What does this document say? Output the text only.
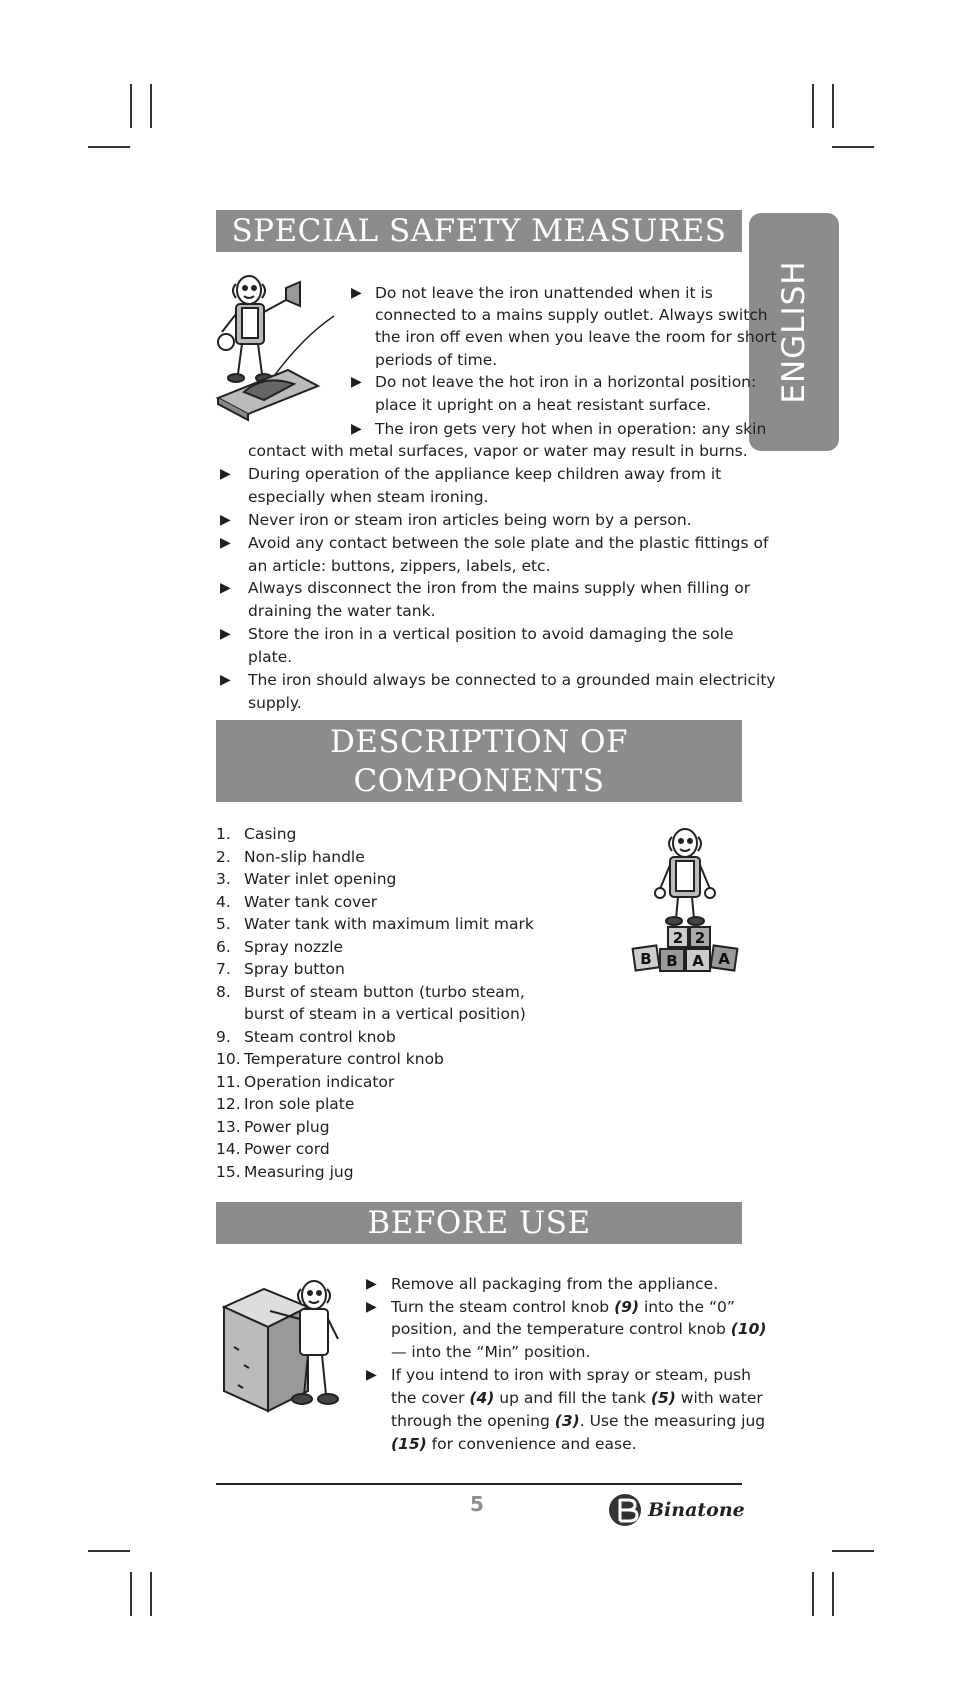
ENGLISH
SPECIAL SAFETY MEASURES
▶
▶
▶
▶
▶
▶
▶
▶
▶
Do not leave the iron unattended when it is
connected to a mains supply outlet. Always switch
the iron off even when you leave the room for short
periods of time.
Do not leave the hot iron in a horizontal position:
place it upright on a heat resistant surface.
The iron gets very hot when in operation: any skin
contact with metal surfaces, vapor or water may result in burns.
During operation of the appliance keep children away from it
especially when steam ironing.
Never iron or steam iron articles being worn by a person.
Avoid any contact between the sole plate and the plastic fittings of
an article: buttons, zippers, labels, etc.
Always disconnect the iron from the mains supply when filling or
draining the water tank.
Store the iron in a vertical position to avoid damaging the sole
plate.
The iron should always be connected to a grounded main electricity
supply.
DESCRIPTION OF
COMPONENTS
1. Casing
2. Non-slip handle
3. Water inlet opening
4. Water tank cover
5. Water tank with maximum limit mark
6. Spray nozzle
7. Spray button
8. Burst of steam button (turbo steam,
burst of steam in a vertical position)
9. Steam control knob
10. Temperature control knob
11. Operation indicator
12. Iron sole plate
13. Power plug
14. Power cord
15. Measuring jug
2 2
B B A A
BEFORE USE
▶
▶
▶
Remove all packaging from the appliance.
Turn the steam control knob (9) into the “0”
position, and the temperature control knob (10)
— into the “Min” position.
If you intend to iron with spray or steam, push
the cover (4) up and fill the tank (5) with water
through the opening (3). Use the measuring jug
(15) for convenience and ease.
5	Binatone
